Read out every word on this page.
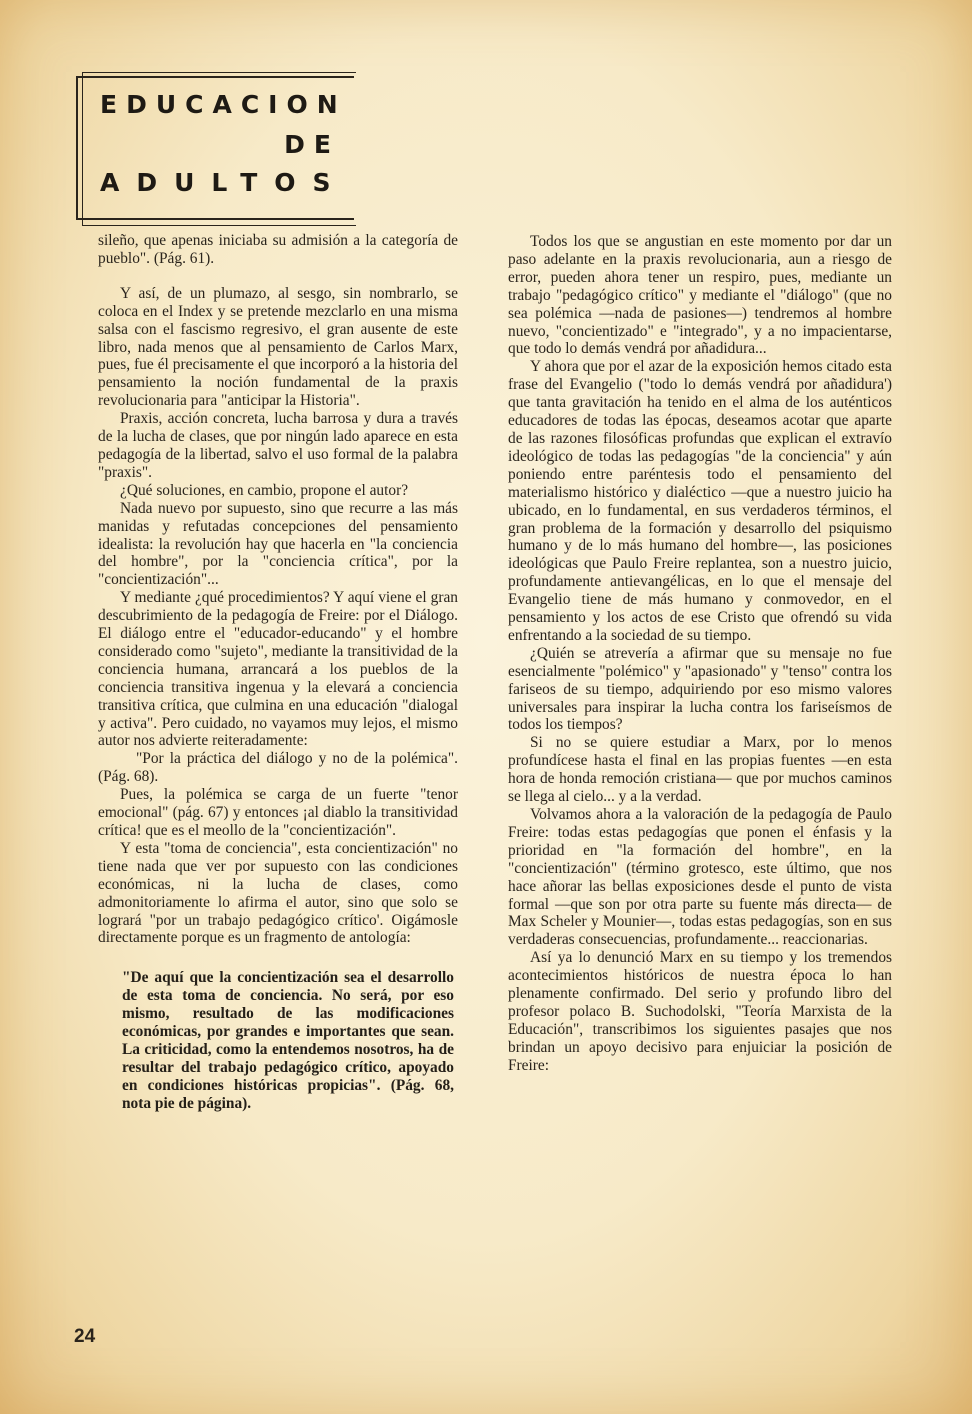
EDUCACION
DE
ADULTOS

sileño, que apenas iniciaba su admisión a la categoría de pueblo". (Pág. 61).

Y así, de un plumazo, al sesgo, sin nombrarlo, se coloca en el Index y se pretende mezclarlo en una misma salsa con el fascismo regresivo, el gran ausente de este libro, nada menos que al pensamiento de Carlos Marx, pues, fue él precisamente el que incorporó a la historia del pensamiento la noción fundamental de la praxis revolucionaria para "anticipar la Historia".

Praxis, acción concreta, lucha barrosa y dura a través de la lucha de clases, que por ningún lado aparece en esta pedagogía de la libertad, salvo el uso formal de la palabra "praxis".

¿Qué soluciones, en cambio, propone el autor?

Nada nuevo por supuesto, sino que recurre a las más manidas y refutadas concepciones del pensamiento idealista: la revolución hay que hacerla en "la conciencia del hombre", por la "conciencia crítica", por la "concientización"...

Y mediante ¿qué procedimientos? Y aquí viene el gran descubrimiento de la pedagogía de Freire: por el Diálogo. El diálogo entre el "educador-educando" y el hombre considerado como "sujeto", mediante la transitividad de la conciencia humana, arrancará a los pueblos de la conciencia transitiva ingenua y la elevará a conciencia transitiva crítica, que culmina en una educación "dialogal y activa". Pero cuidado, no vayamos muy lejos, el mismo autor nos advierte reiteradamente:

"Por la práctica del diálogo y no de la polémica". (Pág. 68).

Pues, la polémica se carga de un fuerte "tenor emocional" (pág. 67) y entonces ¡al diablo la transitividad crítica! que es el meollo de la "concientización".

Y esta "toma de conciencia", esta concientización" no tiene nada que ver por supuesto con las condiciones económicas, ni la lucha de clases, como admonitoriamente lo afirma el autor, sino que solo se logrará "por un trabajo pedagógico crítico'. Oigámosle directamente porque es un fragmento de antología:

"De aquí que la concientización sea el desarrollo de esta toma de conciencia. No será, por eso mismo, resultado de las modificaciones económicas, por grandes e importantes que sean. La criticidad, como la entendemos nosotros, ha de resultar del trabajo pedagógico crítico, apoyado en condiciones históricas propicias". (Pág. 68, nota pie de página).

Todos los que se angustian en este momento por dar un paso adelante en la praxis revolucionaria, aun a riesgo de error, pueden ahora tener un respiro, pues, mediante un trabajo "pedagógico crítico" y mediante el "diálogo" (que no sea polémica —nada de pasiones—) tendremos al hombre nuevo, "concientizado" e "integrado", y a no impacientarse, que todo lo demás vendrá por añadidura...

Y ahora que por el azar de la exposición hemos citado esta frase del Evangelio ("todo lo demás vendrá por añadidura') que tanta gravitación ha tenido en el alma de los auténticos educadores de todas las épocas, deseamos acotar que aparte de las razones filosóficas profundas que explican el extravío ideológico de todas las pedagogías "de la conciencia" y aún poniendo entre paréntesis todo el pensamiento del materialismo histórico y dialéctico —que a nuestro juicio ha ubicado, en lo fundamental, en sus verdaderos términos, el gran problema de la formación y desarrollo del psiquismo humano y de lo más humano del hombre—, las posiciones ideológicas que Paulo Freire replantea, son a nuestro juicio, profundamente antievangélicas, en lo que el mensaje del Evangelio tiene de más humano y conmovedor, en el pensamiento y los actos de ese Cristo que ofrendó su vida enfrentando a la sociedad de su tiempo.

¿Quién se atrevería a afirmar que su mensaje no fue esencialmente "polémico" y "apasionado" y "tenso" contra los fariseos de su tiempo, adquiriendo por eso mismo valores universales para inspirar la lucha contra los fariseísmos de todos los tiempos?

Si no se quiere estudiar a Marx, por lo menos profundícese hasta el final en las propias fuentes —en esta hora de honda remoción cristiana— que por muchos caminos se llega al cielo... y a la verdad.

Volvamos ahora a la valoración de la pedagogía de Paulo Freire: todas estas pedagogías que ponen el énfasis y la prioridad en "la formación del hombre", en la "concientización" (término grotesco, este último, que nos hace añorar las bellas exposiciones desde el punto de vista formal —que son por otra parte su fuente más directa— de Max Scheler y Mounier—, todas estas pedagogías, son en sus verdaderas consecuencias, profundamente... reaccionarias.

Así ya lo denunció Marx en su tiempo y los tremendos acontecimientos históricos de nuestra época lo han plenamente confirmado. Del serio y profundo libro del profesor polaco B. Suchodolski, "Teoría Marxista de la Educación", transcribimos los siguientes pasajes que nos brindan un apoyo decisivo para enjuiciar la posición de Freire:

24
